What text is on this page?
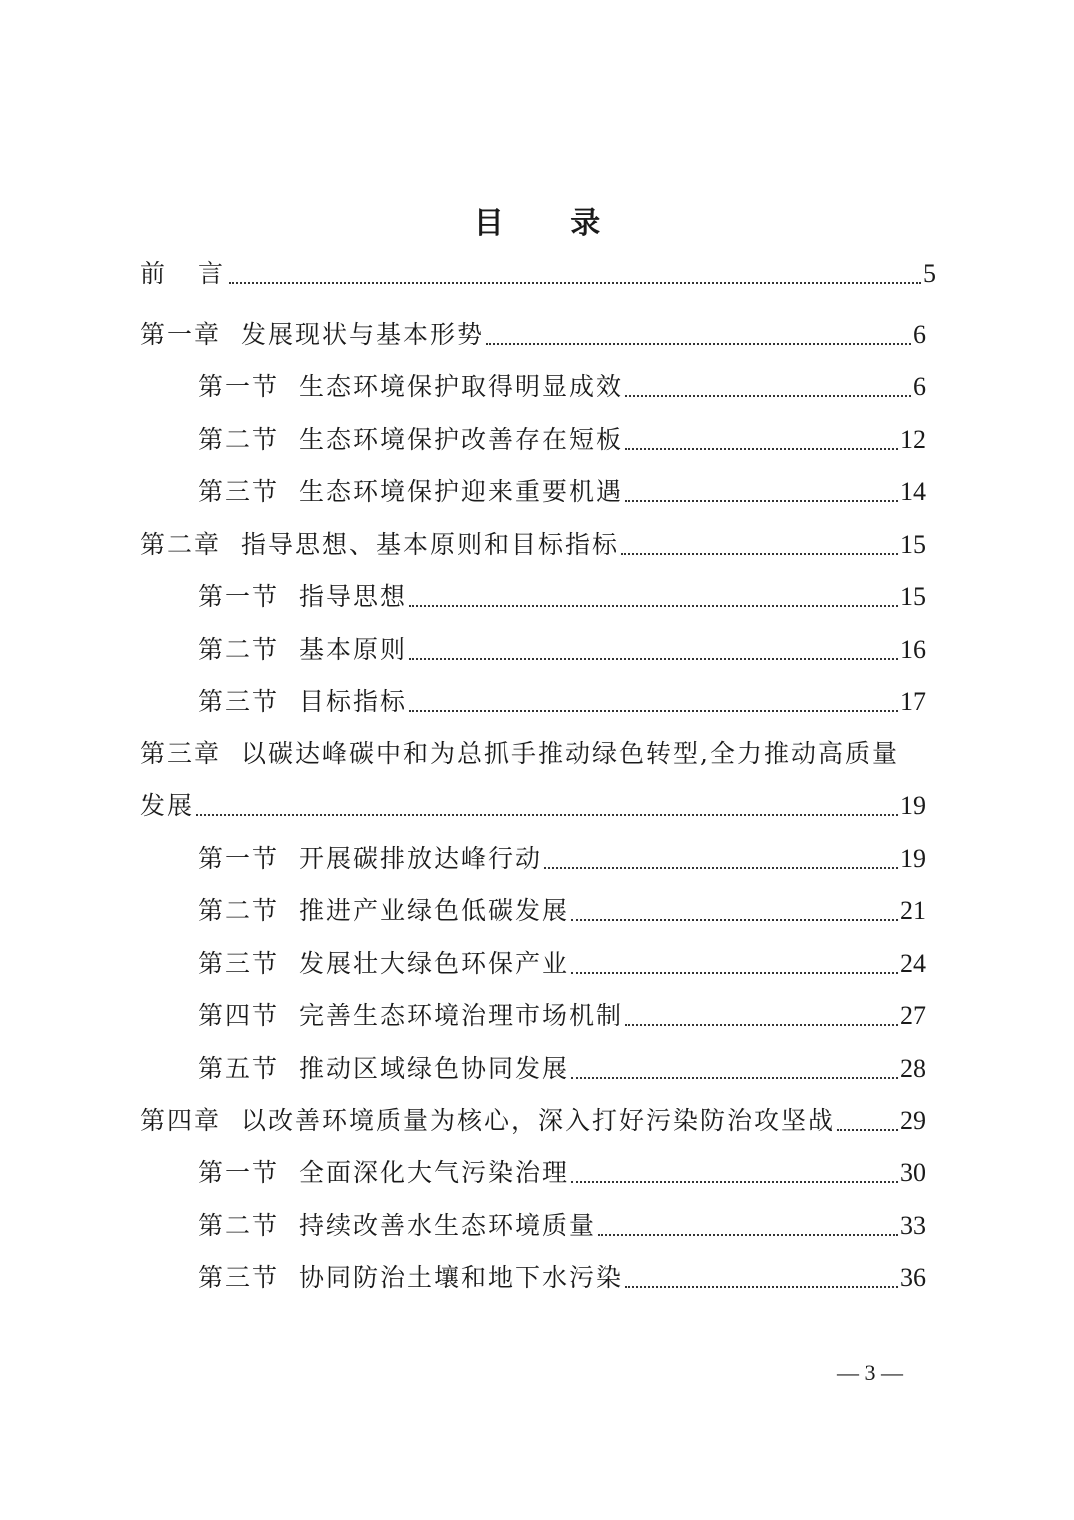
目 录
前　言	5
第一章 发展现状与基本形势	6
第一节 生态环境保护取得明显成效	6
第二节 生态环境保护改善存在短板	12
第三节 生态环境保护迎来重要机遇	14
第二章 指导思想、基本原则和目标指标	15
第一节 指导思想	15
第二节 基本原则	16
第三节 目标指标	17
第三章 以碳达峰碳中和为总抓手推动绿色转型,全力推动高质量
发展	19
第一节 开展碳排放达峰行动	19
第二节 推进产业绿色低碳发展	21
第三节 发展壮大绿色环保产业	24
第四节 完善生态环境治理市场机制	27
第五节 推动区域绿色协同发展	28
第四章 以改善环境质量为核心，深入打好污染防治攻坚战 29
第一节 全面深化大气污染治理	30
第二节 持续改善水生态环境质量	33
第三节 协同防治土壤和地下水污染	36
— 3 —
